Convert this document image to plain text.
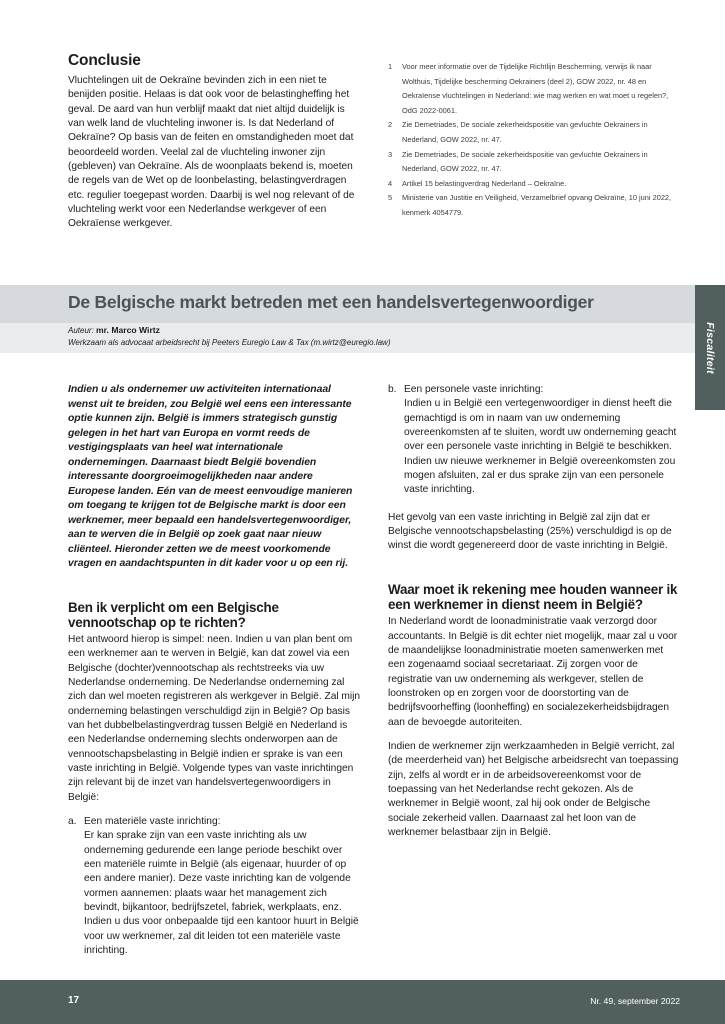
Conclusie

Vluchtelingen uit de Oekraïne bevinden zich in een niet te benijden positie. Helaas is dat ook voor de belastingheffing het geval. De aard van hun verblijf maakt dat niet altijd duidelijk is van welk land de vluchteling inwoner is. Is dat Nederland of Oekraïne? Op basis van de feiten en omstandigheden moet dat beoordeeld worden. Veelal zal de vluchteling inwoner zijn (gebleven) van Oekraïne. Als de woonplaats bekend is, moeten de regels van de Wet op de loonbelasting, belastingverdragen etc. regulier toegepast worden. Daarbij is wel nog relevant of de vluchteling werkt voor een Nederlandse werkgever of een Oekraïense werkgever.

1	Voor meer informatie over de Tijdelijke Richtlijn Bescherming, verwijs ik naar Wolthuis, Tijdelijke bescherming Oekrainers (deel 2), GOW 2022, nr. 48 en Oekraïense vluchtelingen in Nederland: wie mag werken en wat moet u regelen?, OdG 2022-0061.
2	Zie Demetriades, De sociale zekerheidspositie van gevluchte Oekrainers in Nederland, GOW 2022, nr. 47.
3	Zie Demetriades, De sociale zekerheidspositie van gevluchte Oekrainers in Nederland, GOW 2022, nr. 47.
4	Artikel 15 belastingverdrag Nederland – Oekraïne.
5	Ministerie van Justitie en Veiligheid, Verzamelbrief opvang Oekraïne, 10 juni 2022, kenmerk 4054779.
De Belgische markt betreden met een handelsvertegenwoordiger
Auteur: mr. Marco Wirtz
Werkzaam als advocaat arbeidsrecht bij Peeters Euregio Law & Tax (m.wirtz@euregio.law)	Fiscaliteit

Indien u als ondernemer uw activiteiten internationaal wenst uit te breiden, zou België wel eens een interessante optie kunnen zijn. België is immers strategisch gunstig gelegen in het hart van Europa en vormt reeds de vestigingsplaats van heel wat internationale ondernemingen. Daarnaast biedt België bovendien interessante doorgroeimogelijkheden naar andere Europese landen. Eén van de meest eenvoudige manieren om toegang te krijgen tot de Belgische markt is door een werknemer, meer bepaald een handelsvertegenwoordiger, aan te werven die in België op zoek gaat naar nieuw cliënteel. Hieronder zetten we de meest voorkomende vragen en aandachtspunten in dit kader voor u op een rij.

Ben ik verplicht om een Belgische vennootschap op te richten?

Het antwoord hierop is simpel: neen. Indien u van plan bent om een werknemer aan te werven in België, kan dat zowel via een Belgische (dochter)vennootschap als rechtstreeks via uw Nederlandse onderneming. De Nederlandse onderneming zal zich dan wel moeten registreren als werkgever in België. Zal mijn onderneming belastingen verschuldigd zijn in België? Op basis van het dubbelbelastingverdrag tussen België en Nederland is een Nederlandse onderneming slechts onderworpen aan de vennootschapsbelasting in België indien er sprake is van een vaste inrichting in België. Volgende types van vaste inrichtingen zijn relevant bij de inzet van handelsvertegenwoordigers in België:

a. Een materiële vaste inrichting:

Er kan sprake zijn van een vaste inrichting als uw onderneming gedurende een lange periode beschikt over een materiële ruimte in België (als eigenaar, huurder of op een andere manier). Deze vaste inrichting kan de volgende vormen aannemen: plaats waar het management zich bevindt, bijkantoor, bedrijfszetel, fabriek, werkplaats, enz. Indien u dus voor onbepaalde tijd een kantoor huurt in België voor uw werknemer, zal dit leiden tot een materiële vaste inrichting.

b. Een personele vaste inrichting:

Indien u in België een vertegenwoordiger in dienst heeft die gemachtigd is om in naam van uw onderneming overeenkomsten af te sluiten, wordt uw onderneming geacht over een personele vaste inrichting in België te beschikken. Indien uw nieuwe werknemer in België overeenkomsten zou mogen afsluiten, zal er dus sprake zijn van een personele vaste inrichting.

Het gevolg van een vaste inrichting in België zal zijn dat er Belgische vennootschapsbelasting (25%) verschuldigd is op de winst die wordt gegenereerd door de vaste inrichting in België.

Waar moet ik rekening mee houden wanneer ik een werknemer in dienst neem in België?

In Nederland wordt de loonadministratie vaak verzorgd door accountants. In België is dit echter niet mogelijk, maar zal u voor de maandelijkse loonadministratie moeten samenwerken met een zogenaamd sociaal secretariaat. Zij zorgen voor de registratie van uw onderneming als werkgever, stellen de loonstroken op en zorgen voor de doorstorting van de bedrijfsvoorheffing (loonheffing) en socialezekerheidsbijdragen aan de bevoegde autoriteiten.

Indien de werknemer zijn werkzaamheden in België verricht, zal (de meerderheid van) het Belgische arbeidsrecht van toepassing zijn, zelfs al wordt er in de arbeidsovereenkomst voor de toepassing van het Nederlandse recht gekozen. Als de werknemer in België woont, zal hij ook onder de Belgische sociale zekerheid vallen. Daarnaast zal het loon van de werknemer belastbaar zijn in België.

17	Nr. 49, september 2022
